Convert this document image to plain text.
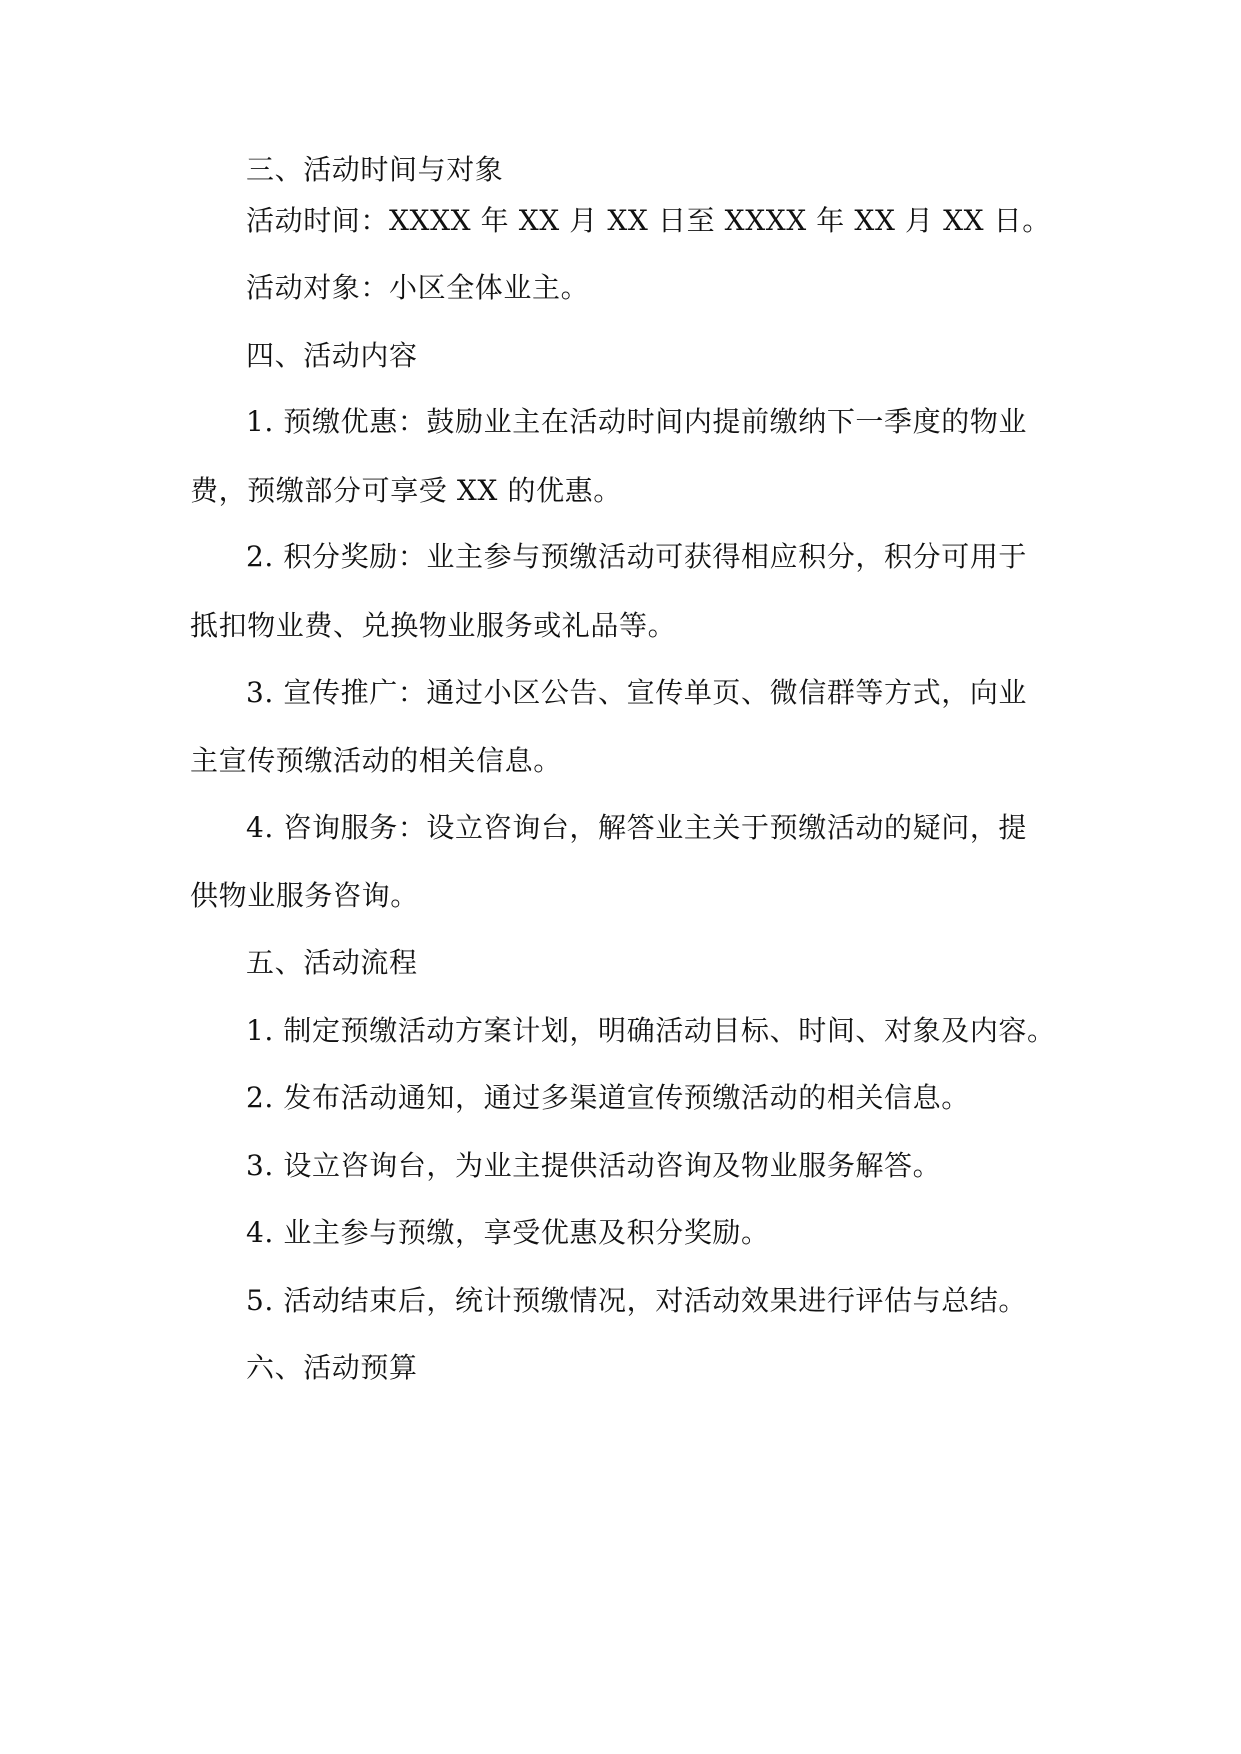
三、活动时间与对象
活动时间：XXXX 年 XX 月 XX 日至 XXXX 年 XX 月 XX 日。
活动对象：小区全体业主。
四、活动内容
1. 预缴优惠：鼓励业主在活动时间内提前缴纳下一季度的物业
费，预缴部分可享受 XX 的优惠。
2. 积分奖励：业主参与预缴活动可获得相应积分，积分可用于
抵扣物业费、兑换物业服务或礼品等。
3. 宣传推广：通过小区公告、宣传单页、微信群等方式，向业
主宣传预缴活动的相关信息。
4. 咨询服务：设立咨询台，解答业主关于预缴活动的疑问，提
供物业服务咨询。
五、活动流程
1. 制定预缴活动方案计划，明确活动目标、时间、对象及内容。
2. 发布活动通知，通过多渠道宣传预缴活动的相关信息。
3. 设立咨询台，为业主提供活动咨询及物业服务解答。
4. 业主参与预缴，享受优惠及积分奖励。
5. 活动结束后，统计预缴情况，对活动效果进行评估与总结。
六、活动预算
